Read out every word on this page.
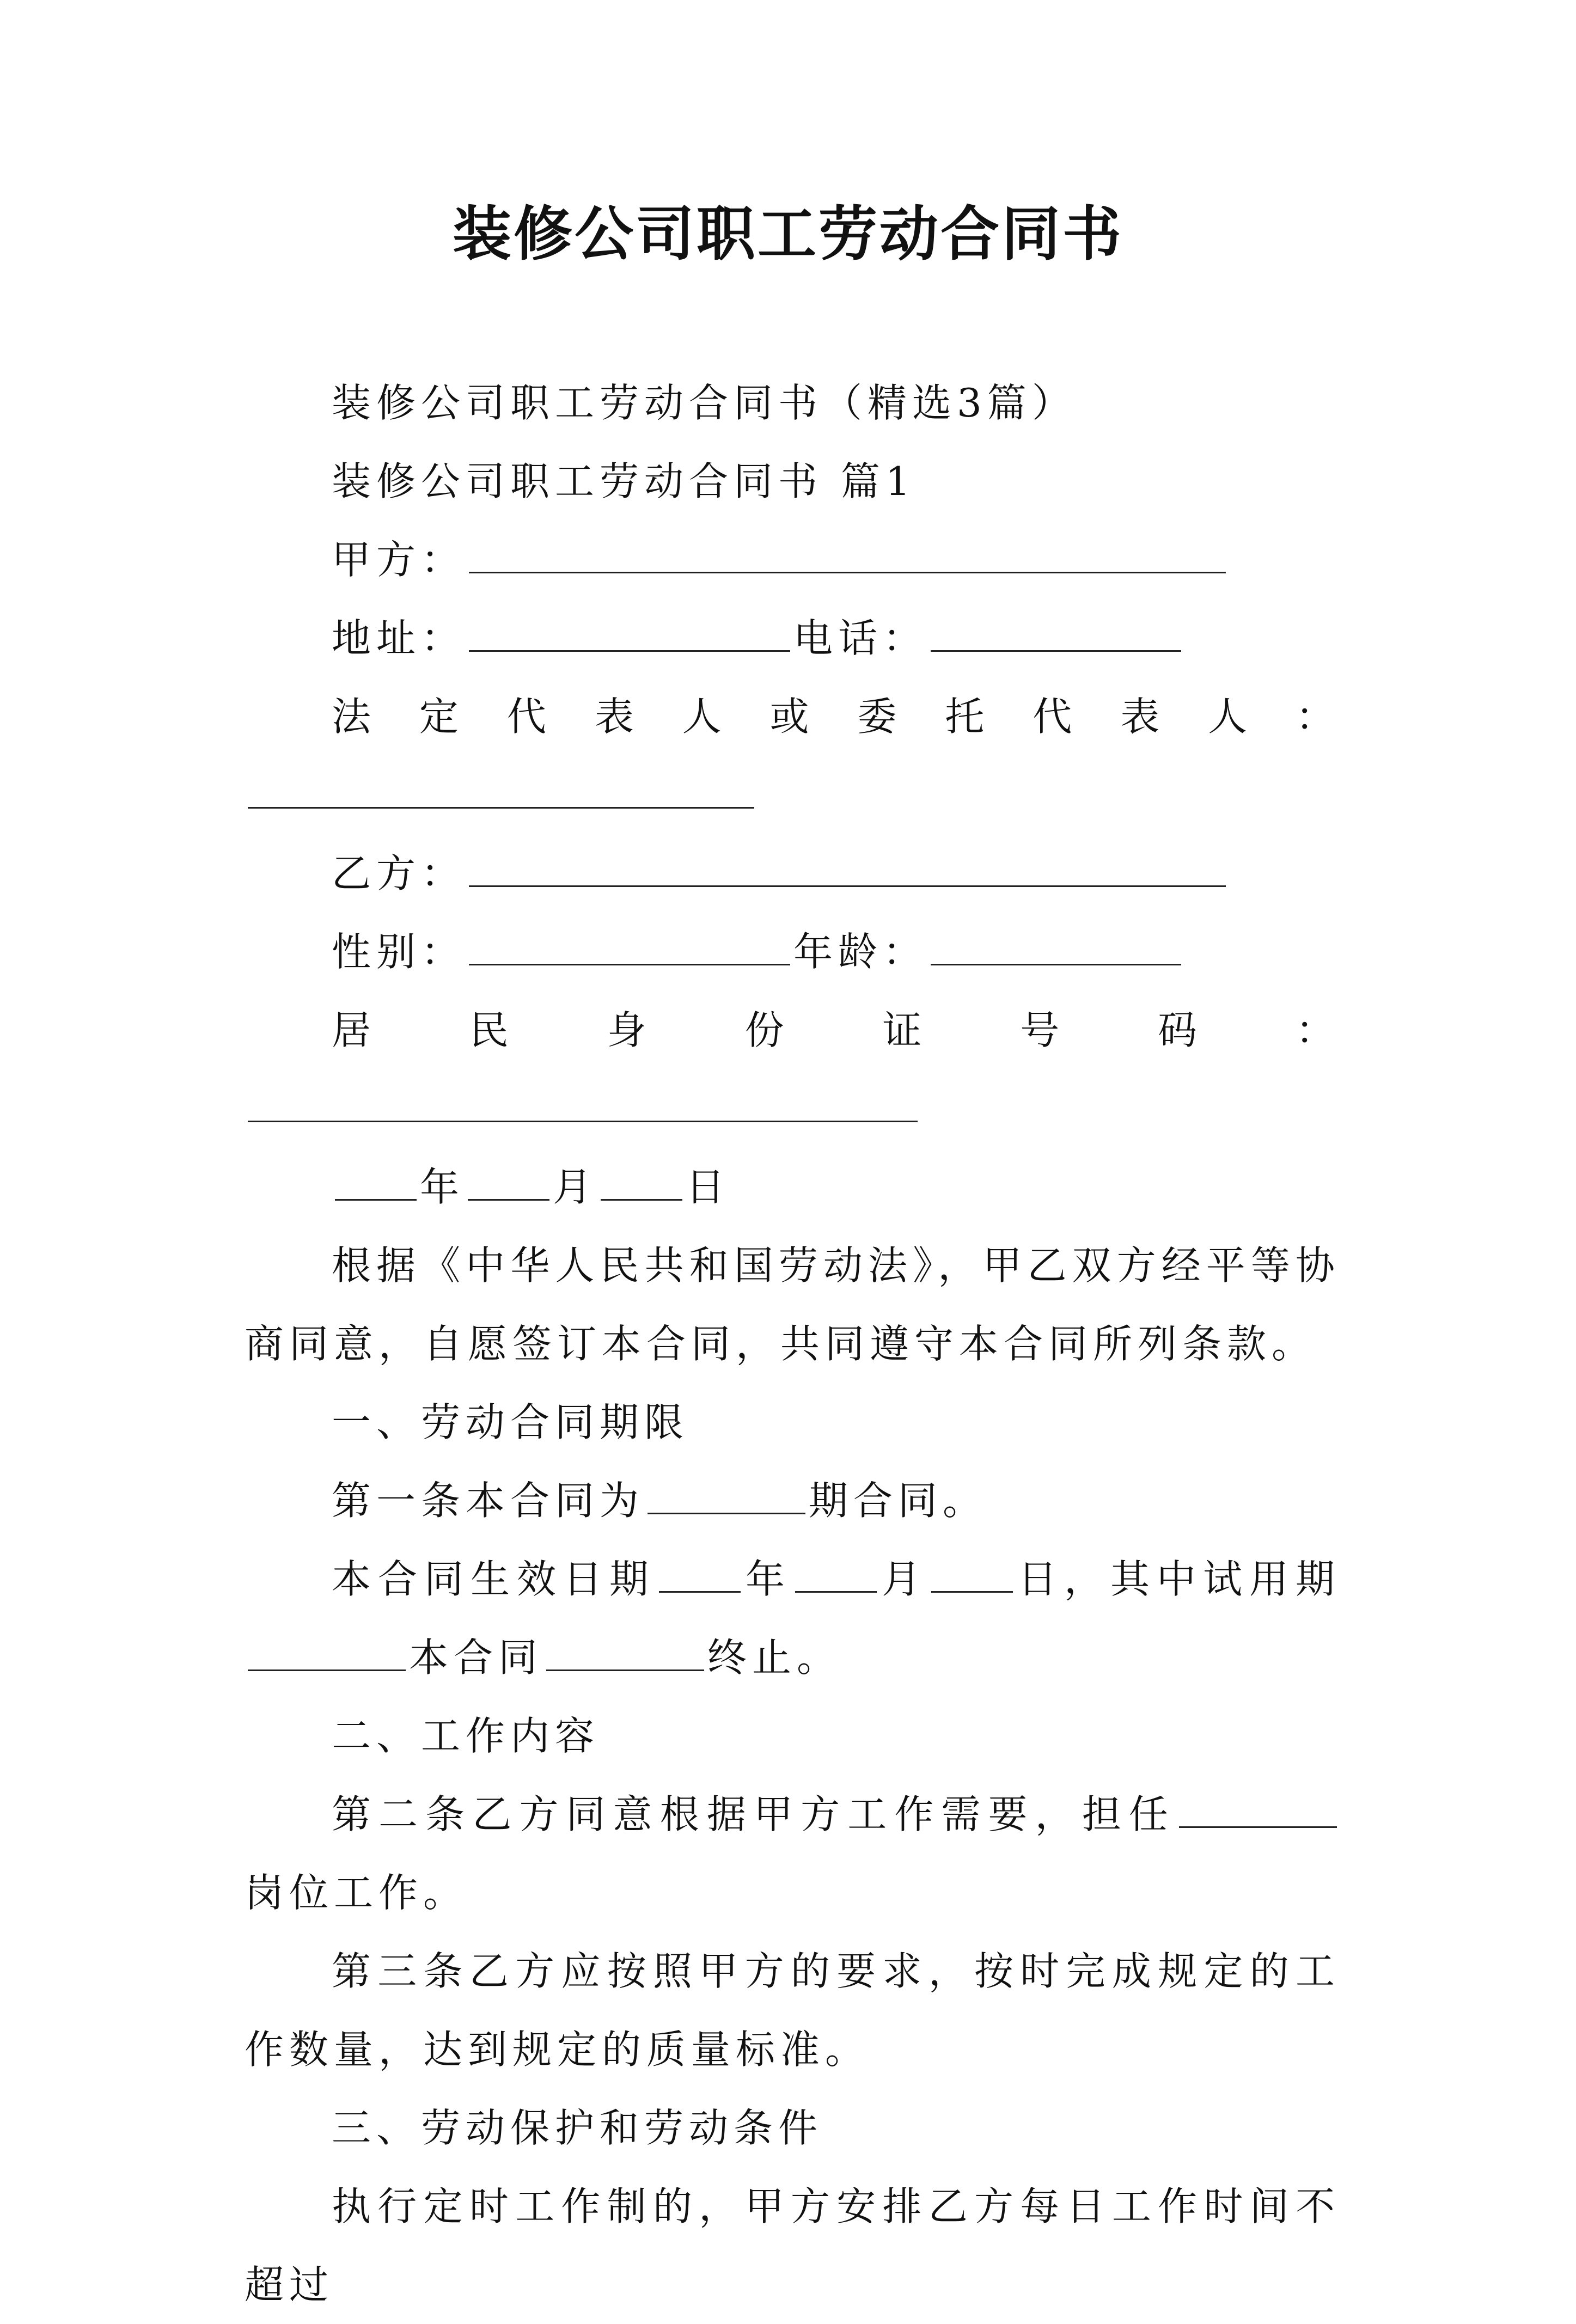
装修公司职工劳动合同书

装修公司职工劳动合同书（精选3篇）

装修公司职工劳动合同书 篇1

甲方：

地址：	电话：

法定代表人或委托代表人：

乙方：

性别：	年龄：

居民身份证号码：

年 月 日

根据《中华人民共和国劳动法》，甲乙双方经平等协商同意，自愿签订本合同，共同遵守本合同所列条款。

一、劳动合同期限

第一条本合同为	期合同。

本合同生效日期 年 月 日，其中试用期本合同	终止。

二、工作内容

第二条乙方同意根据甲方工作需要，担任岗位工作。

第三条乙方应按照甲方的要求，按时完成规定的工作数量，达到规定的质量标准。

三、劳动保护和劳动条件

执行定时工作制的，甲方安排乙方每日工作时间不超过
